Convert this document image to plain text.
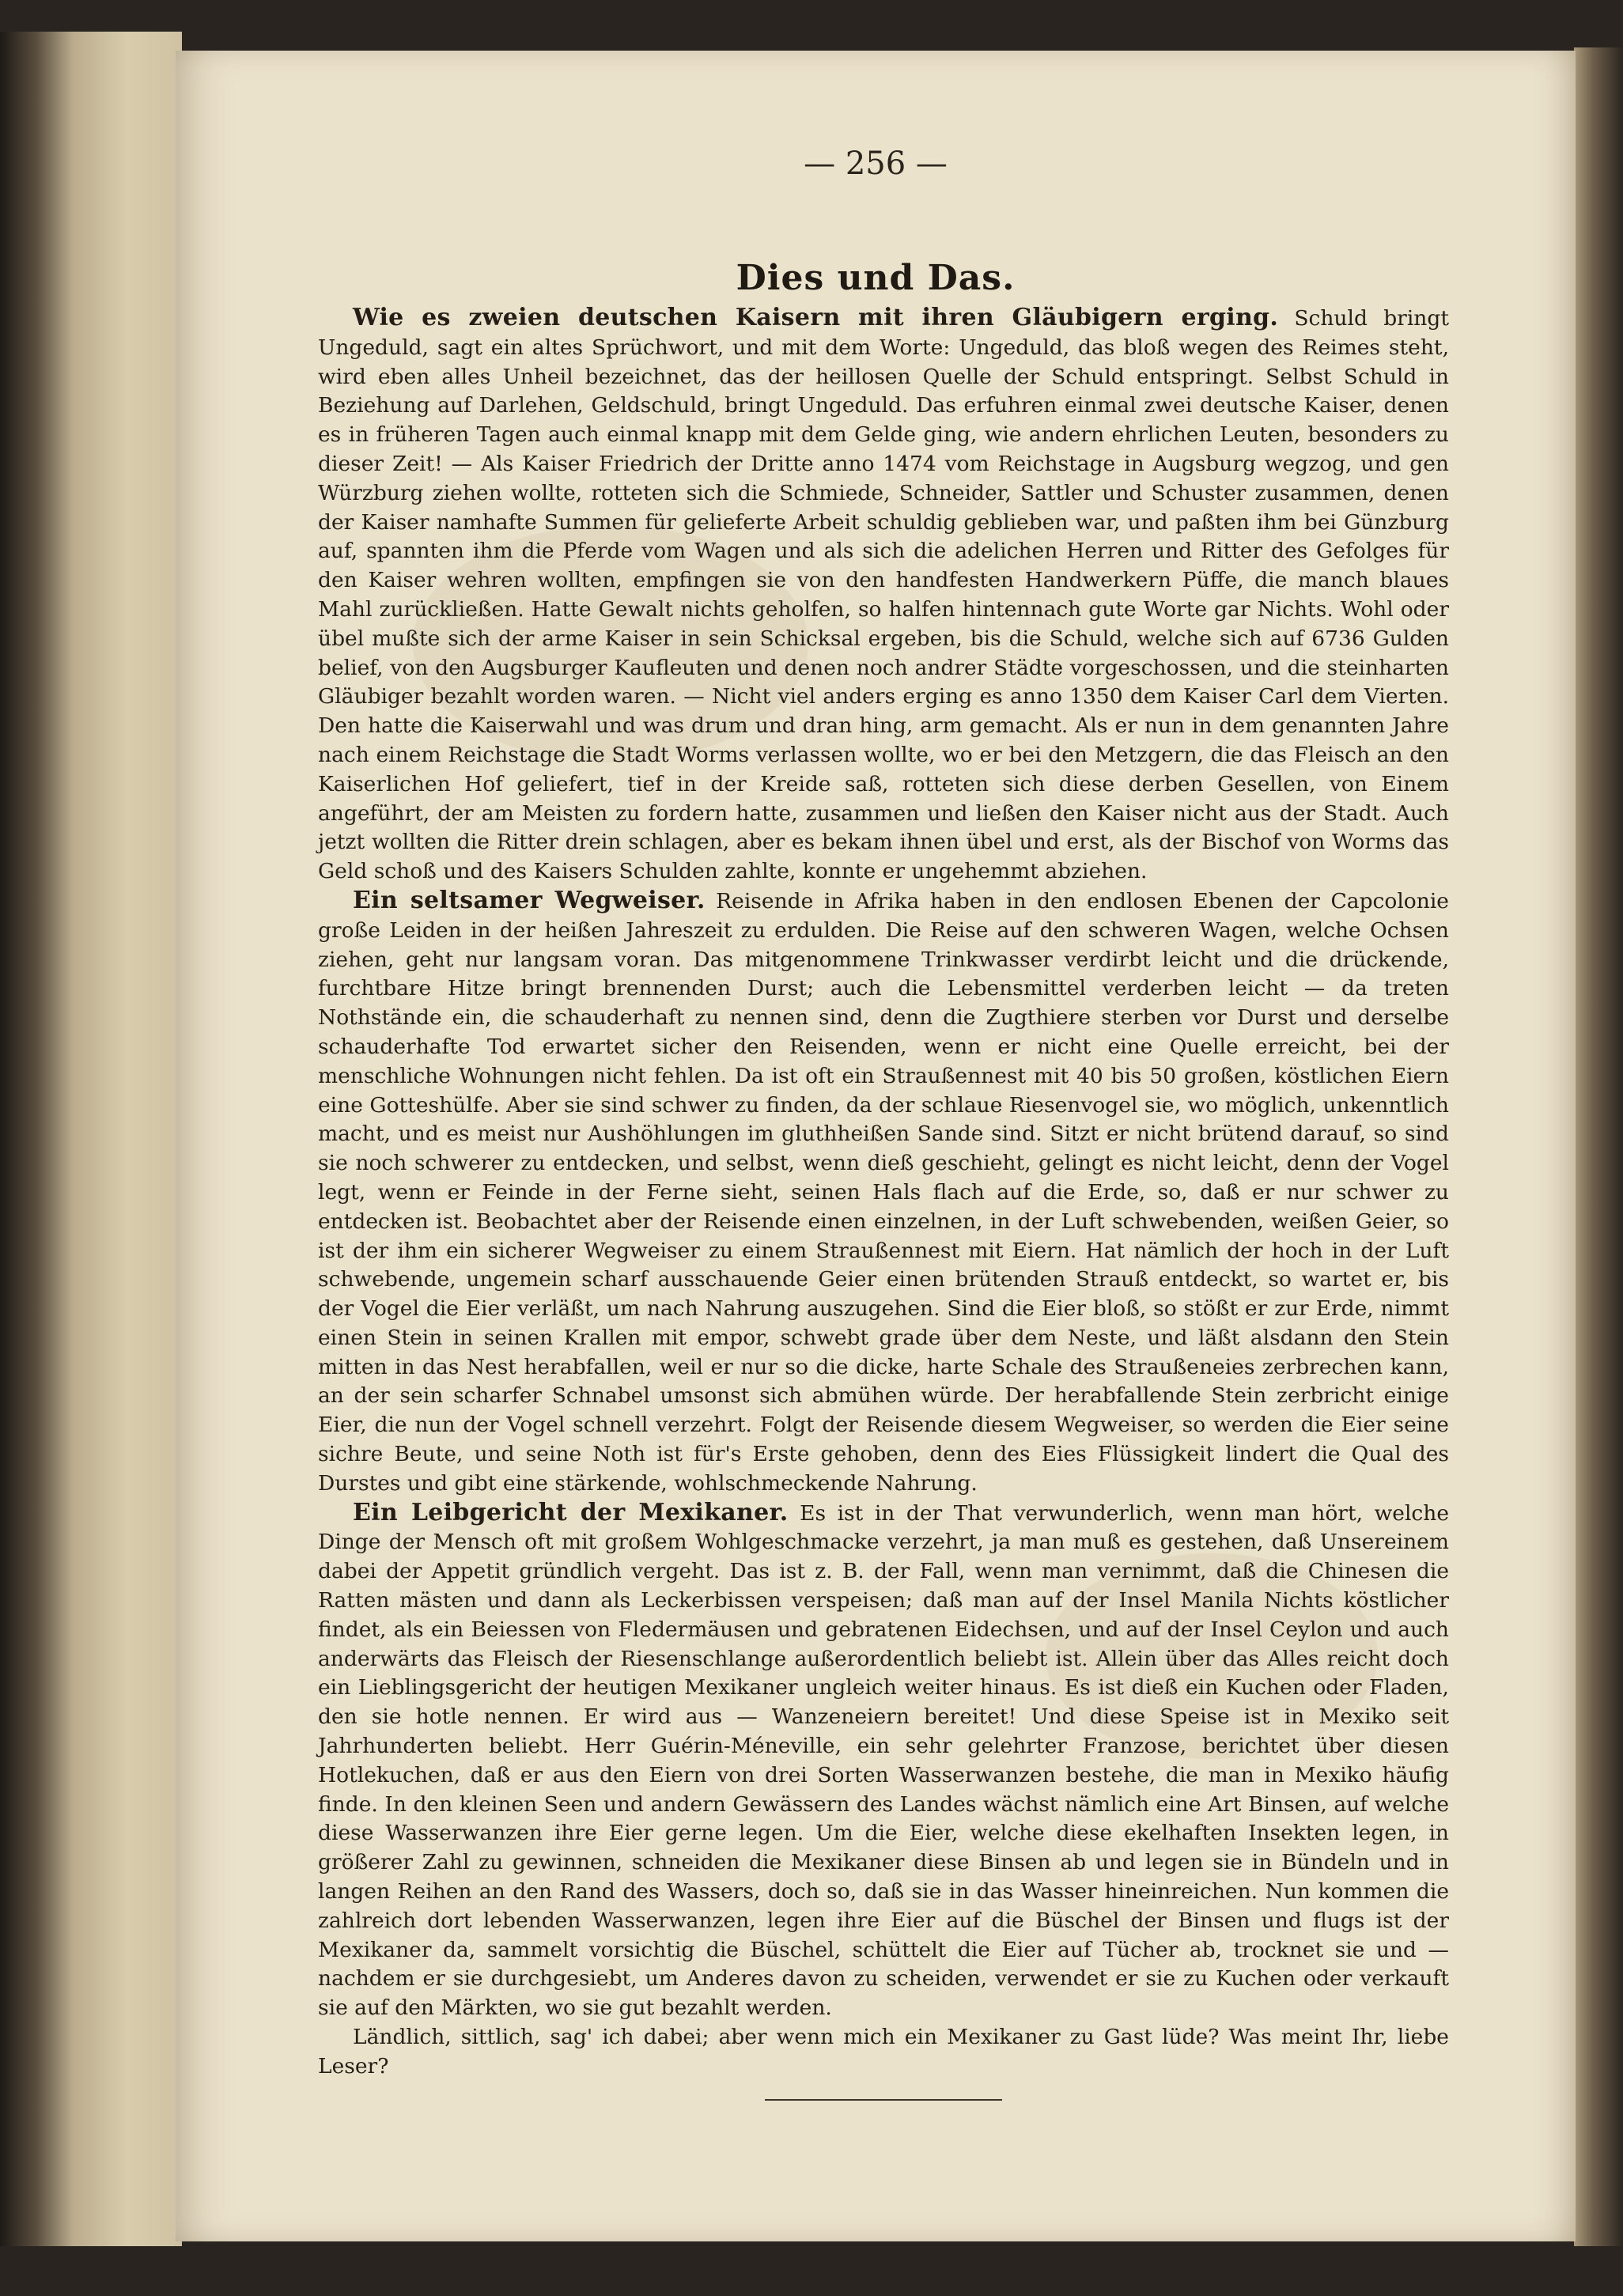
— 256 —
Dies und Das.

Wie es zweien deutschen Kaisern mit ihren Gläubigern erging. Schuld bringt Ungeduld, sagt ein altes Sprüchwort, und mit dem Worte: Ungeduld, das bloß wegen des Reimes steht, wird eben alles Unheil bezeichnet, das der heillosen Quelle der Schuld entspringt. Selbst Schuld in Beziehung auf Darlehen, Geldschuld, bringt Ungeduld. Das erfuhren einmal zwei deutsche Kaiser, denen es in früheren Tagen auch einmal knapp mit dem Gelde ging, wie andern ehrlichen Leuten, besonders zu dieser Zeit! — Als Kaiser Friedrich der Dritte anno 1474 vom Reichstage in Augsburg wegzog, und gen Würzburg ziehen wollte, rotteten sich die Schmiede, Schneider, Sattler und Schuster zusammen, denen der Kaiser namhafte Summen für gelieferte Arbeit schuldig geblieben war, und paßten ihm bei Günzburg auf, spannten ihm die Pferde vom Wagen und als sich die adelichen Herren und Ritter des Gefolges für den Kaiser wehren wollten, empfingen sie von den handfesten Handwerkern Püffe, die manch blaues Mahl zurückließen. Hatte Gewalt nichts geholfen, so halfen hintennach gute Worte gar Nichts. Wohl oder übel mußte sich der arme Kaiser in sein Schicksal ergeben, bis die Schuld, welche sich auf 6736 Gulden belief, von den Augsburger Kaufleuten und denen noch andrer Städte vorgeschossen, und die steinharten Gläubiger bezahlt worden waren. — Nicht viel anders erging es anno 1350 dem Kaiser Carl dem Vierten. Den hatte die Kaiserwahl und was drum und dran hing, arm gemacht. Als er nun in dem genannten Jahre nach einem Reichstage die Stadt Worms verlassen wollte, wo er bei den Metzgern, die das Fleisch an den Kaiserlichen Hof geliefert, tief in der Kreide saß, rotteten sich diese derben Gesellen, von Einem angeführt, der am Meisten zu fordern hatte, zusammen und ließen den Kaiser nicht aus der Stadt. Auch jetzt wollten die Ritter drein schlagen, aber es bekam ihnen übel und erst, als der Bischof von Worms das Geld schoß und des Kaisers Schulden zahlte, konnte er ungehemmt abziehen.

Ein seltsamer Wegweiser. Reisende in Afrika haben in den endlosen Ebenen der Capcolonie große Leiden in der heißen Jahreszeit zu erdulden. Die Reise auf den schweren Wagen, welche Ochsen ziehen, geht nur langsam voran. Das mitgenommene Trinkwasser verdirbt leicht und die drückende, furchtbare Hitze bringt brennenden Durst; auch die Lebensmittel verderben leicht — da treten Nothstände ein, die schauderhaft zu nennen sind, denn die Zugthiere sterben vor Durst und derselbe schauderhafte Tod erwartet sicher den Reisenden, wenn er nicht eine Quelle erreicht, bei der menschliche Wohnungen nicht fehlen. Da ist oft ein Straußennest mit 40 bis 50 großen, köstlichen Eiern eine Gotteshülfe. Aber sie sind schwer zu finden, da der schlaue Riesenvogel sie, wo möglich, unkenntlich macht, und es meist nur Aushöhlungen im gluthheißen Sande sind. Sitzt er nicht brütend darauf, so sind sie noch schwerer zu entdecken, und selbst, wenn dieß geschieht, gelingt es nicht leicht, denn der Vogel legt, wenn er Feinde in der Ferne sieht, seinen Hals flach auf die Erde, so, daß er nur schwer zu entdecken ist. Beobachtet aber der Reisende einen einzelnen, in der Luft schwebenden, weißen Geier, so ist der ihm ein sicherer Wegweiser zu einem Straußennest mit Eiern. Hat nämlich der hoch in der Luft schwebende, ungemein scharf ausschauende Geier einen brütenden Strauß entdeckt, so wartet er, bis der Vogel die Eier verläßt, um nach Nahrung auszugehen. Sind die Eier bloß, so stößt er zur Erde, nimmt einen Stein in seinen Krallen mit empor, schwebt grade über dem Neste, und läßt alsdann den Stein mitten in das Nest herabfallen, weil er nur so die dicke, harte Schale des Straußeneies zerbrechen kann, an der sein scharfer Schnabel umsonst sich abmühen würde. Der herabfallende Stein zerbricht einige Eier, die nun der Vogel schnell verzehrt. Folgt der Reisende diesem Wegweiser, so werden die Eier seine sichre Beute, und seine Noth ist für's Erste gehoben, denn des Eies Flüssigkeit lindert die Qual des Durstes und gibt eine stärkende, wohlschmeckende Nahrung.

Ein Leibgericht der Mexikaner. Es ist in der That verwunderlich, wenn man hört, welche Dinge der Mensch oft mit großem Wohlgeschmacke verzehrt, ja man muß es gestehen, daß Unsereinem dabei der Appetit gründlich vergeht. Das ist z. B. der Fall, wenn man vernimmt, daß die Chinesen die Ratten mästen und dann als Leckerbissen verspeisen; daß man auf der Insel Manila Nichts köstlicher findet, als ein Beiessen von Fledermäusen und gebratenen Eidechsen, und auf der Insel Ceylon und auch anderwärts das Fleisch der Riesenschlange außerordentlich beliebt ist. Allein über das Alles reicht doch ein Lieblingsgericht der heutigen Mexikaner ungleich weiter hinaus. Es ist dieß ein Kuchen oder Fladen, den sie hotle nennen. Er wird aus — Wanzeneiern bereitet! Und diese Speise ist in Mexiko seit Jahrhunderten beliebt. Herr Guérin-Méneville, ein sehr gelehrter Franzose, berichtet über diesen Hotlekuchen, daß er aus den Eiern von drei Sorten Wasserwanzen bestehe, die man in Mexiko häufig finde. In den kleinen Seen und andern Gewässern des Landes wächst nämlich eine Art Binsen, auf welche diese Wasserwanzen ihre Eier gerne legen. Um die Eier, welche diese ekelhaften Insekten legen, in größerer Zahl zu gewinnen, schneiden die Mexikaner diese Binsen ab und legen sie in Bündeln und in langen Reihen an den Rand des Wassers, doch so, daß sie in das Wasser hineinreichen. Nun kommen die zahlreich dort lebenden Wasserwanzen, legen ihre Eier auf die Büschel der Binsen und flugs ist der Mexikaner da, sammelt vorsichtig die Büschel, schüttelt die Eier auf Tücher ab, trocknet sie und — nachdem er sie durchgesiebt, um Anderes davon zu scheiden, verwendet er sie zu Kuchen oder verkauft sie auf den Märkten, wo sie gut bezahlt werden.

Ländlich, sittlich, sag' ich dabei; aber wenn mich ein Mexikaner zu Gast lüde? Was meint Ihr, liebe Leser?
